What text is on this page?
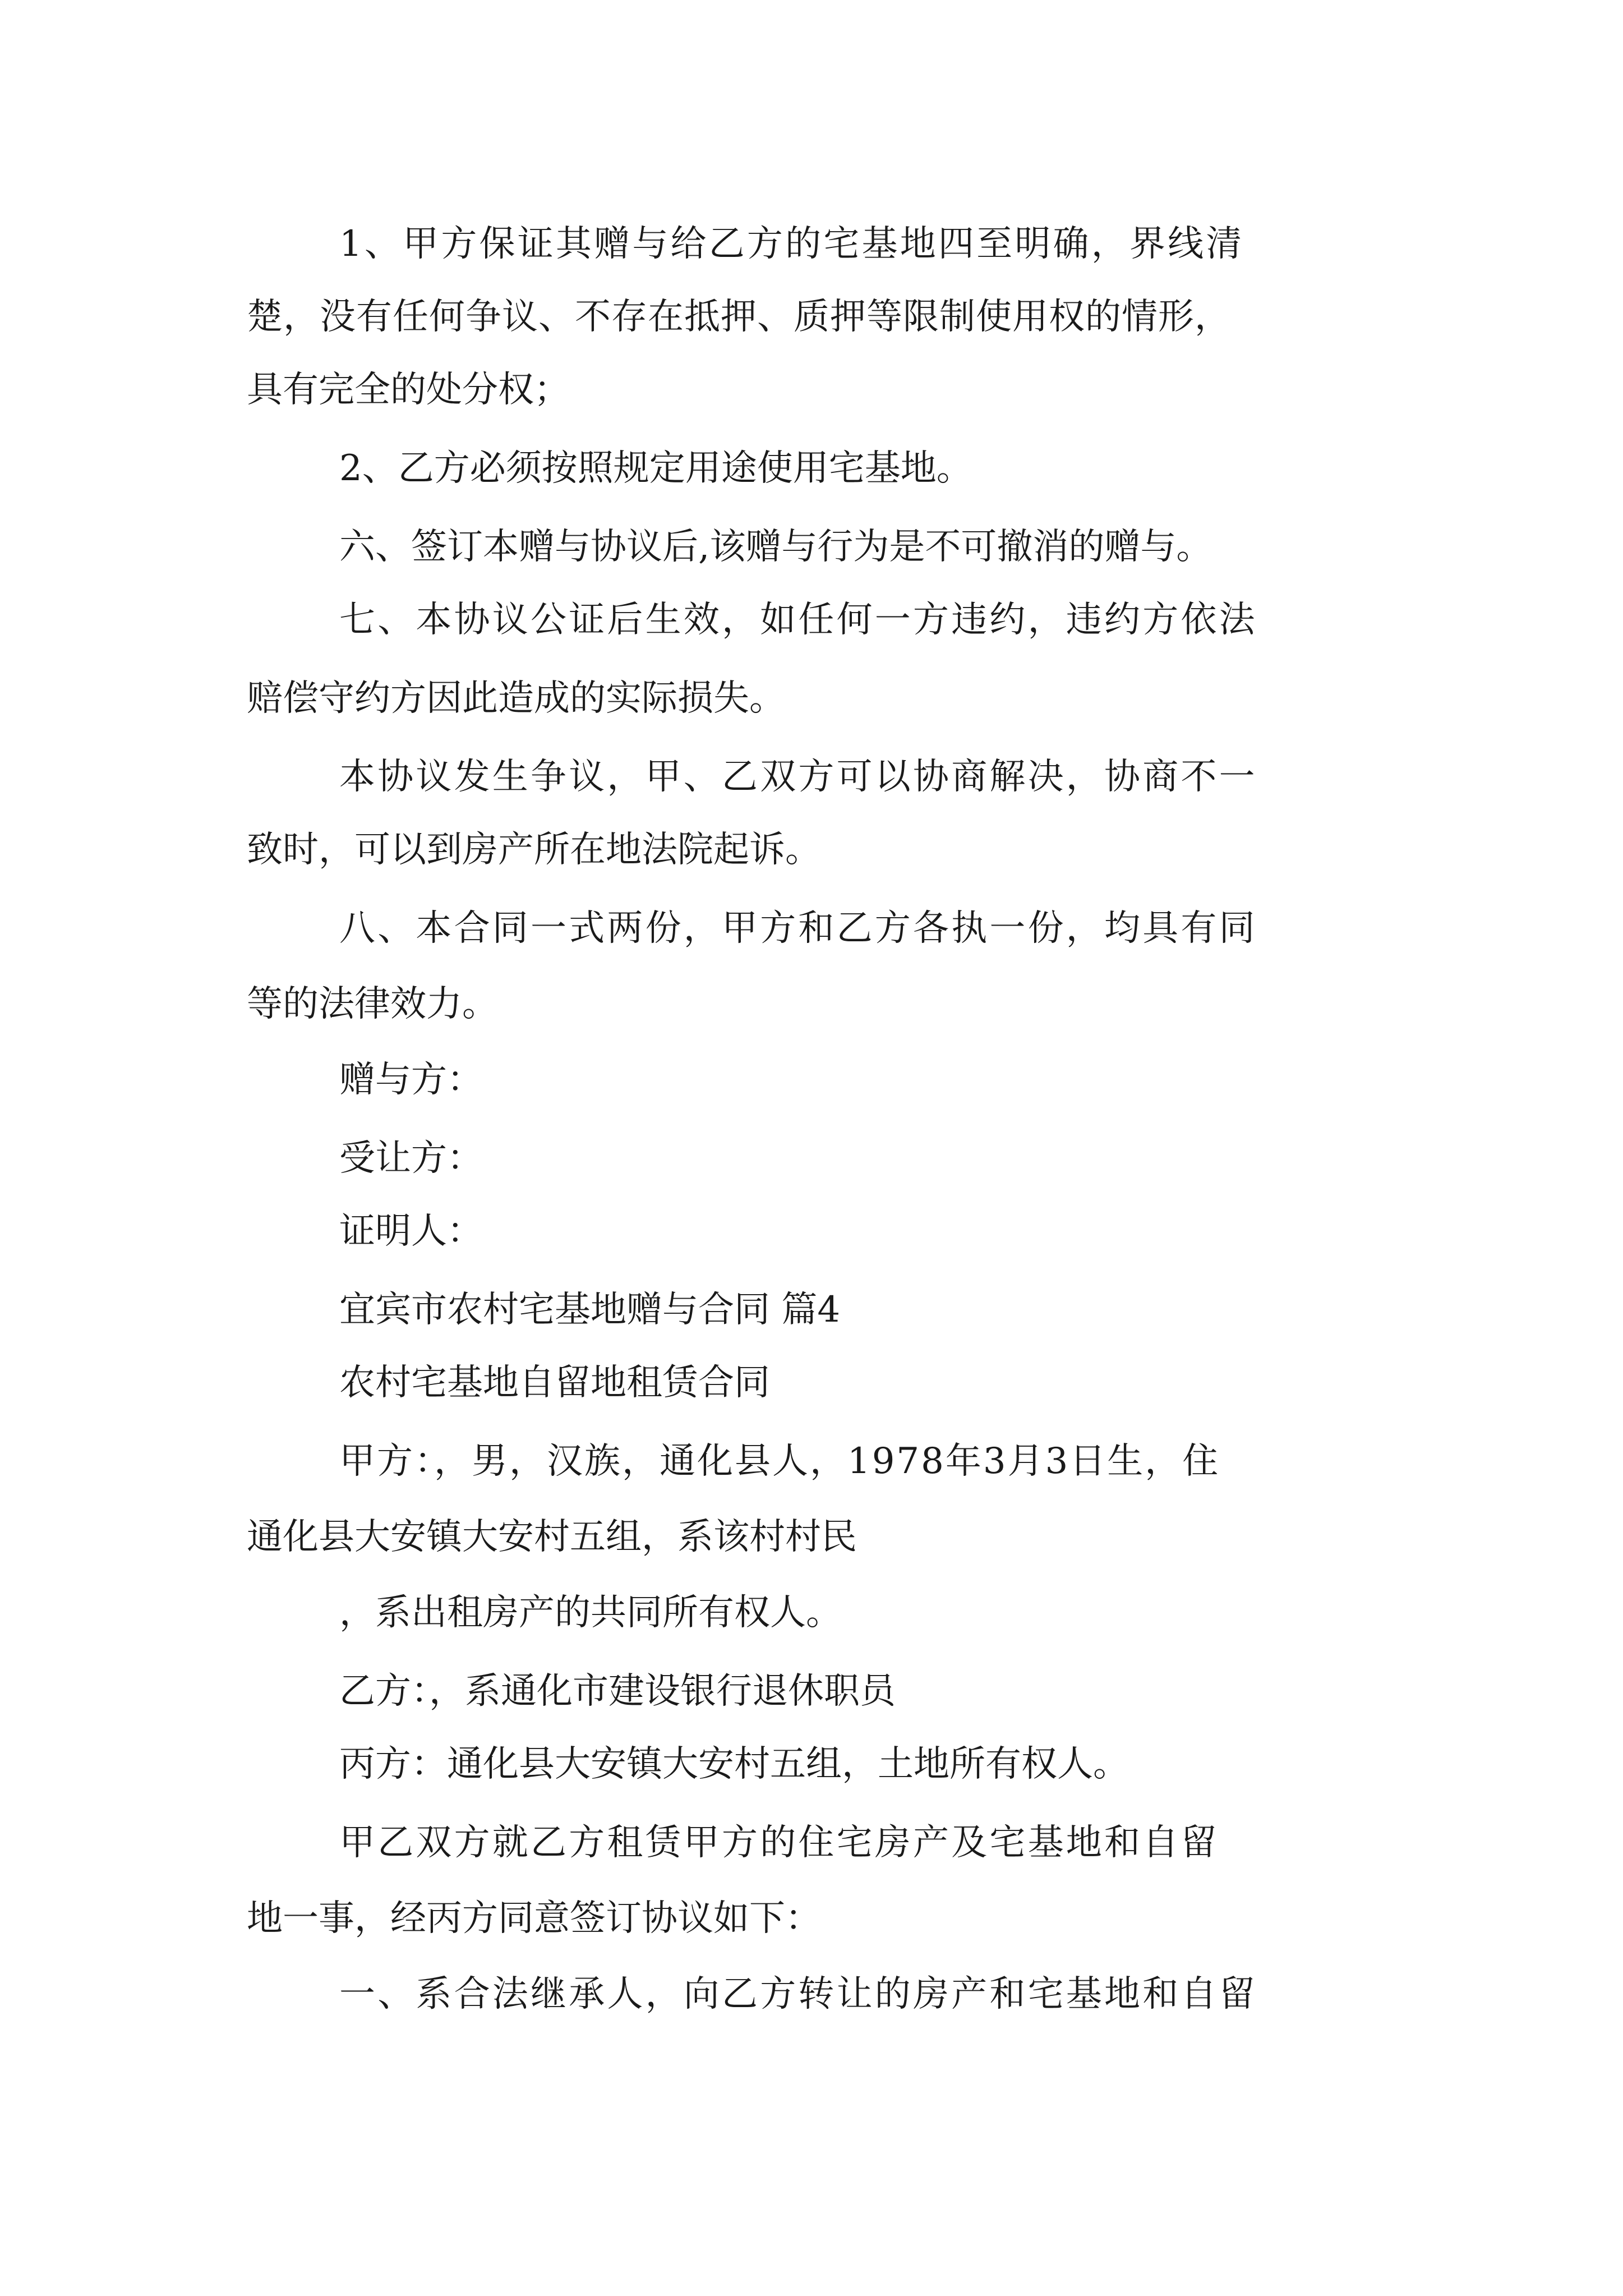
1、甲方保证其赠与给乙方的宅基地四至明确，界线清
楚，没有任何争议、不存在抵押、质押等限制使用权的情形，
具有完全的处分权；
2、乙方必须按照规定用途使用宅基地。
六、签订本赠与协议后,该赠与行为是不可撤消的赠与。
七、本协议公证后生效，如任何一方违约，违约方依法
赔偿守约方因此造成的实际损失。
本协议发生争议，甲、乙双方可以协商解决，协商不一
致时，可以到房产所在地法院起诉。
八、本合同一式两份，甲方和乙方各执一份，均具有同
等的法律效力。
赠与方：
受让方：
证明人：
宜宾市农村宅基地赠与合同 篇4
农村宅基地自留地租赁合同
甲方：，男，汉族，通化县人，1978年3月3日生，住
通化县大安镇大安村五组，系该村村民
，系出租房产的共同所有权人。
乙方：，系通化市建设银行退休职员
丙方：通化县大安镇大安村五组，土地所有权人。
甲乙双方就乙方租赁甲方的住宅房产及宅基地和自留
地一事，经丙方同意签订协议如下：
一、系合法继承人，向乙方转让的房产和宅基地和自留
